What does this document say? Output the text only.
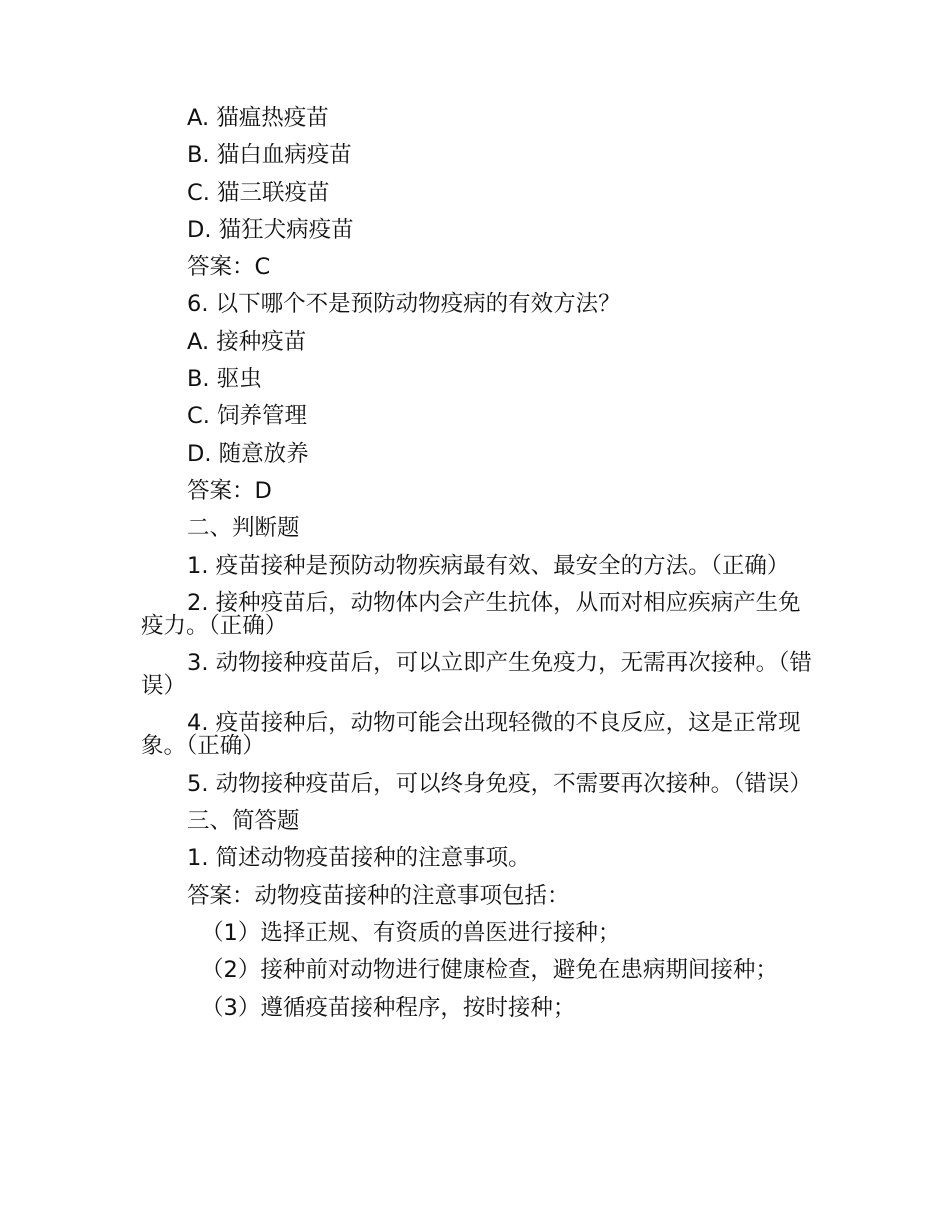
A. 猫瘟热疫苗
B. 猫白血病疫苗
C. 猫三联疫苗
D. 猫狂犬病疫苗
答案：C
6. 以下哪个不是预防动物疫病的有效方法？
A. 接种疫苗
B. 驱虫
C. 饲养管理
D. 随意放养
答案：D
二、判断题

1. 疫苗接种是预防动物疾病最有效、最安全的方法。（正确）

2. 接种疫苗后，动物体内会产生抗体，从而对相应疾病产生免疫力。（正确）

3. 动物接种疫苗后，可以立即产生免疫力，无需再次接种。（错误）

4. 疫苗接种后，动物可能会出现轻微的不良反应，这是正常现象。（正确）

5. 动物接种疫苗后，可以终身免疫，不需要再次接种。（错误）

三、简答题
1. 简述动物疫苗接种的注意事项。
答案：动物疫苗接种的注意事项包括：
（1）选择正规、有资质的兽医进行接种；

（2）接种前对动物进行健康检查，避免在患病期间接种；

（3）遵循疫苗接种程序，按时接种；
